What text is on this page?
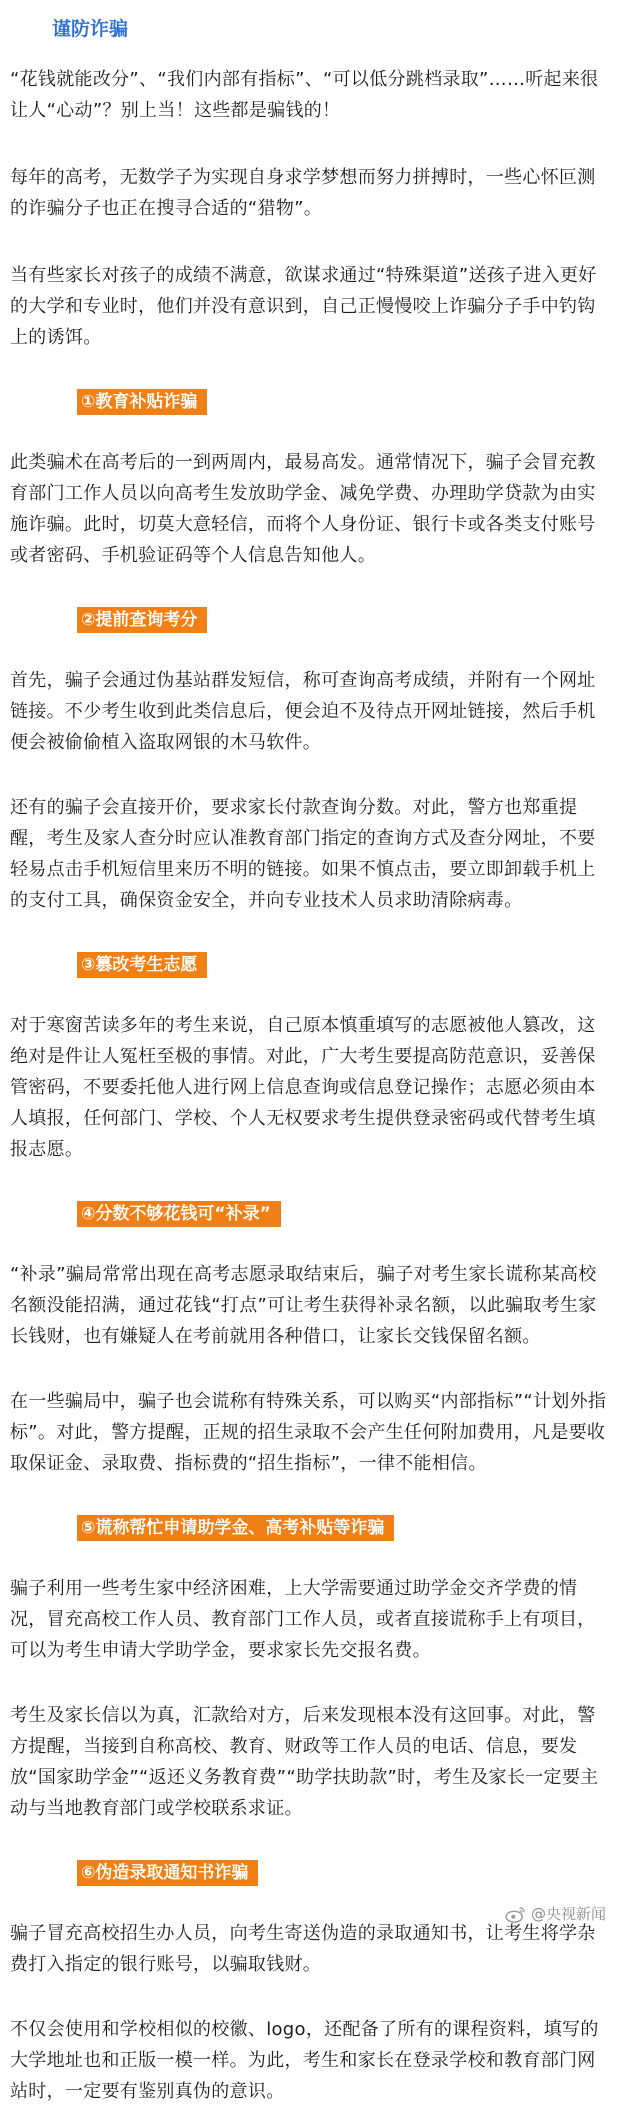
谨防诈骗

“花钱就能改分”、“我们内部有指标”、“可以低分跳档录取”……听起来很让人“心动”？别上当！这些都是骗钱的！

每年的高考，无数学子为实现自身求学梦想而努力拼搏时，一些心怀叵测的诈骗分子也正在搜寻合适的“猎物”。

当有些家长对孩子的成绩不满意，欲谋求通过“特殊渠道”送孩子进入更好的大学和专业时，他们并没有意识到，自己正慢慢咬上诈骗分子手中钓钩上的诱饵。

①教育补贴诈骗

此类骗术在高考后的一到两周内，最易高发。通常情况下，骗子会冒充教育部门工作人员以向高考生发放助学金、减免学费、办理助学贷款为由实施诈骗。此时，切莫大意轻信，而将个人身份证、银行卡或各类支付账号或者密码、手机验证码等个人信息告知他人。

②提前查询考分

首先，骗子会通过伪基站群发短信，称可查询高考成绩，并附有一个网址链接。不少考生收到此类信息后，便会迫不及待点开网址链接，然后手机便会被偷偷植入盗取网银的木马软件。

还有的骗子会直接开价，要求家长付款查询分数。对此，警方也郑重提醒，考生及家人查分时应认准教育部门指定的查询方式及查分网址，不要轻易点击手机短信里来历不明的链接。如果不慎点击，要立即卸载手机上的支付工具，确保资金安全，并向专业技术人员求助清除病毒。

③篡改考生志愿

对于寒窗苦读多年的考生来说，自己原本慎重填写的志愿被他人篡改，这绝对是件让人冤枉至极的事情。对此，广大考生要提高防范意识，妥善保管密码，不要委托他人进行网上信息查询或信息登记操作；志愿必须由本人填报，任何部门、学校、个人无权要求考生提供登录密码或代替考生填报志愿。

④分数不够花钱可“补录”

“补录”骗局常常出现在高考志愿录取结束后，骗子对考生家长谎称某高校名额没能招满，通过花钱“打点”可让考生获得补录名额，以此骗取考生家长钱财，也有嫌疑人在考前就用各种借口，让家长交钱保留名额。

在一些骗局中，骗子也会谎称有特殊关系，可以购买“内部指标”“计划外指标”。对此，警方提醒，正规的招生录取不会产生任何附加费用，凡是要收取保证金、录取费、指标费的“招生指标”，一律不能相信。

⑤谎称帮忙申请助学金、高考补贴等诈骗

骗子利用一些考生家中经济困难，上大学需要通过助学金交齐学费的情况，冒充高校工作人员、教育部门工作人员，或者直接谎称手上有项目，可以为考生申请大学助学金，要求家长先交报名费。

考生及家长信以为真，汇款给对方，后来发现根本没有这回事。对此，警方提醒，当接到自称高校、教育、财政等工作人员的电话、信息，要发放“国家助学金”“返还义务教育费”“助学扶助款”时，考生及家长一定要主动与当地教育部门或学校联系求证。

⑥伪造录取通知书诈骗

骗子冒充高校招生办人员，向考生寄送伪造的录取通知书，让考生将学杂费打入指定的银行账号，以骗取钱财。

不仅会使用和学校相似的校徽、logo，还配备了所有的课程资料，填写的大学地址也和正版一模一样。为此，考生和家长在登录学校和教育部门网站时，一定要有鉴别真伪的意识。

@央视新闻
